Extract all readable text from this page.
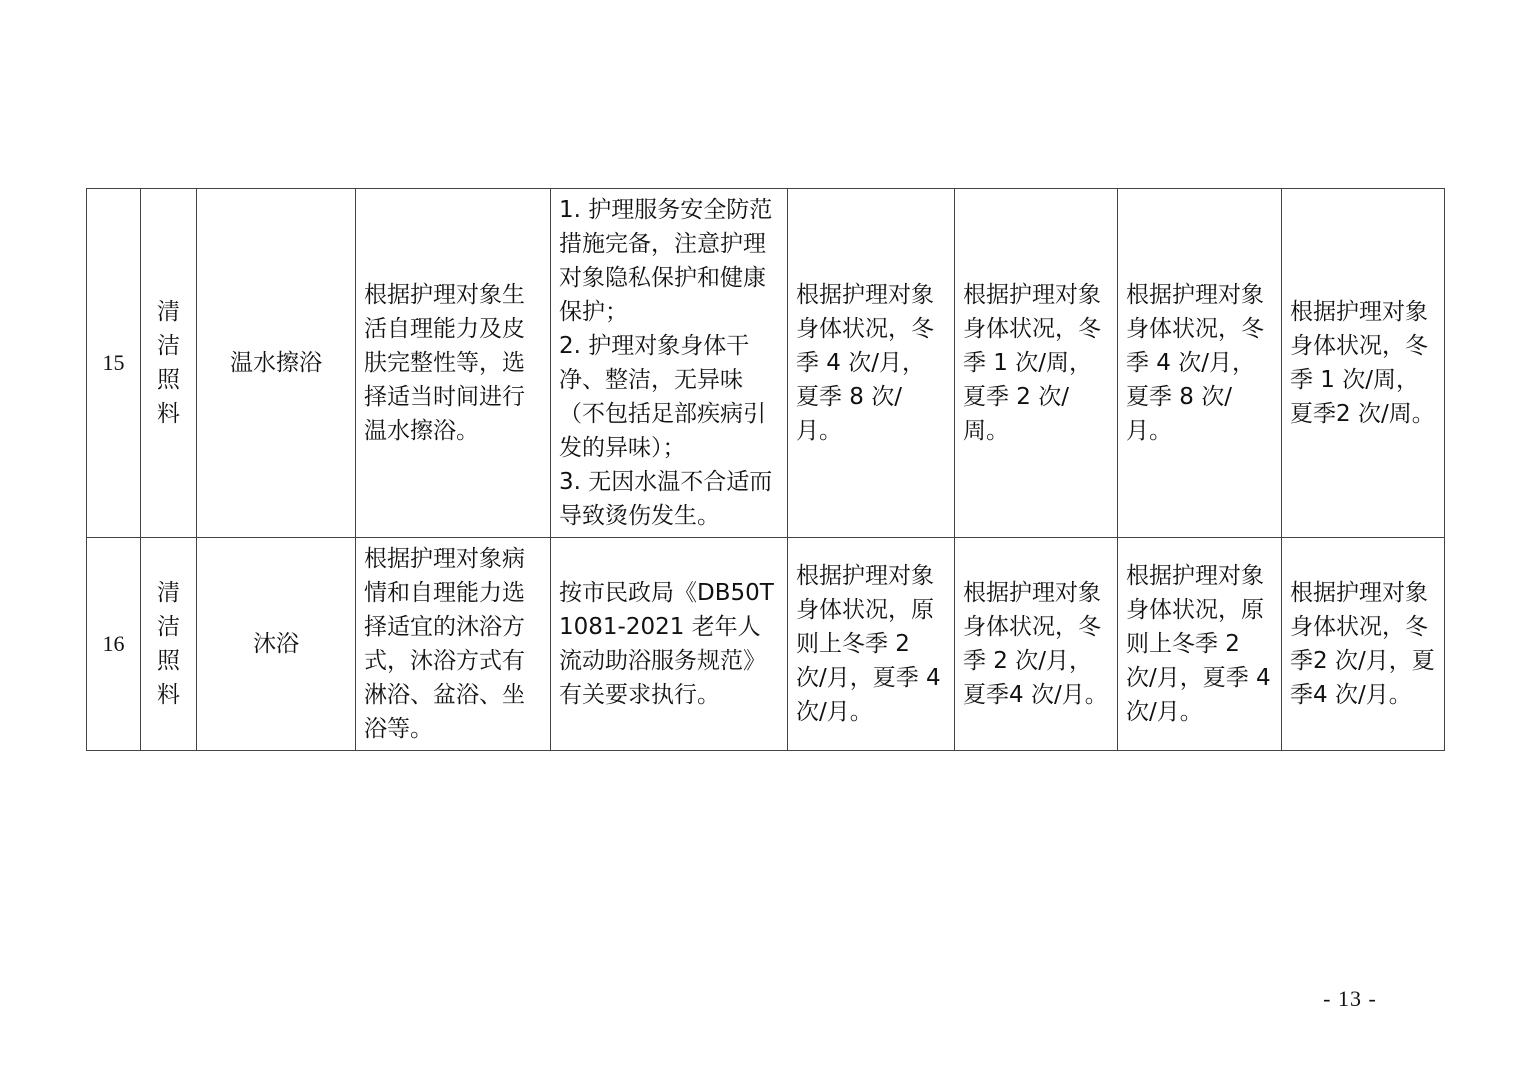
15	清洁照料	温水擦浴	根据护理对象生活自理能力及皮肤完整性等，选择适当时间进行温水擦浴。	1. 护理服务安全防范措施完备，注意护理对象隐私保护和健康保护；
2. 护理对象身体干净、整洁，无异味（不包括足部疾病引发的异味）；
3. 无因水温不合适而导致烫伤发生。	根据护理对象身体状况，冬季 4 次/月，夏季 8 次/月。	根据护理对象身体状况，冬季 1 次/周，夏季 2 次/周。	根据护理对象身体状况，冬季 4 次/月，夏季 8 次/月。	根据护理对象身体状况，冬季 1 次/周，夏季2 次/周。
16	清洁照料	沐浴	根据护理对象病情和自理能力选择适宜的沐浴方式，沐浴方式有淋浴、盆浴、坐浴等。	按市民政局《DB50T 1081-2021 老年人流动助浴服务规范》有关要求执行。	根据护理对象身体状况，原则上冬季 2 次/月，夏季 4 次/月。	根据护理对象身体状况，冬季 2 次/月，夏季4 次/月。	根据护理对象身体状况，原则上冬季 2 次/月，夏季 4 次/月。	根据护理对象身体状况，冬季2 次/月，夏季4 次/月。
- 13 -
